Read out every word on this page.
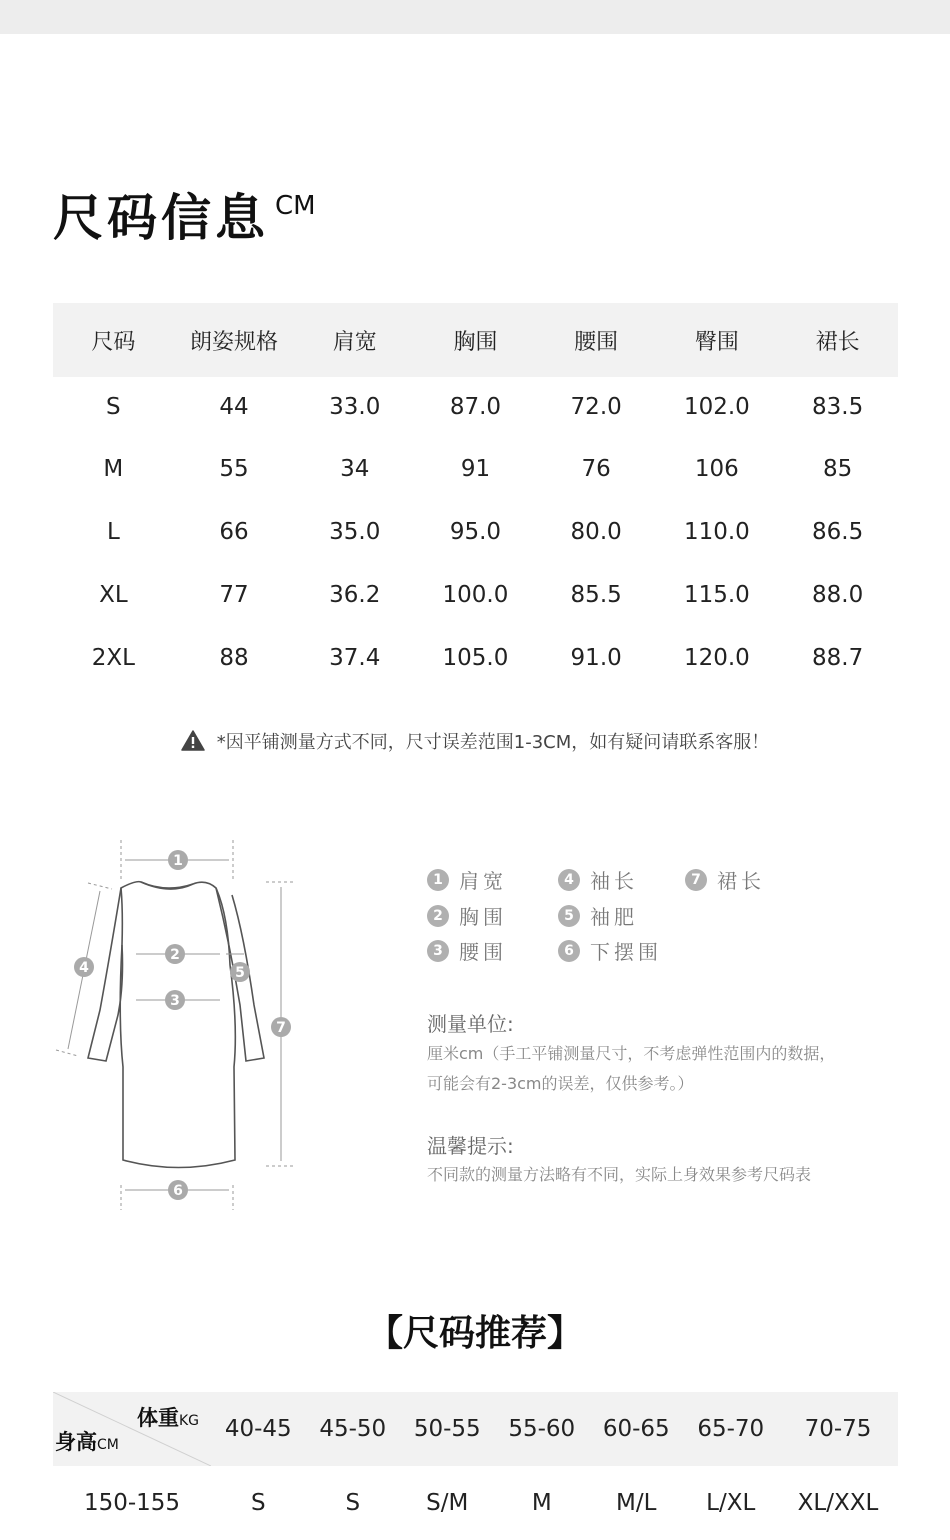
尺码信息 CM
尺码	朗姿规格	肩宽	胸围	腰围	臀围	裙长
S	44	33.0	87.0	72.0	102.0	83.5
M	55	34	91	76	106	85
L	66	35.0	95.0	80.0	110.0	86.5
XL	77	36.2	100.0	85.5	115.0	88.0
2XL	88	37.4	105.0	91.0	120.0	88.7
*因平铺测量方式不同，尺寸误差范围1-3CM，如有疑问请联系客服！
1
2
3
4	5
6
7
1 肩宽
2 胸围
3 腰围
4 袖长
5 袖肥
6 下摆围
7 裙长
测量单位:
厘米cm（手工平铺测量尺寸，不考虑弹性范围内的数据，
可能会有2-3cm的误差，仅供参考。）
温馨提示:
不同款的测量方法略有不同，实际上身效果参考尺码表
【尺码推荐】
体重KG
身高CM	40-45	45-50	50-55	55-60	60-65	65-70	70-75
150-155	S	S	S/M	M	M/L	L/XL	XL/XXL
